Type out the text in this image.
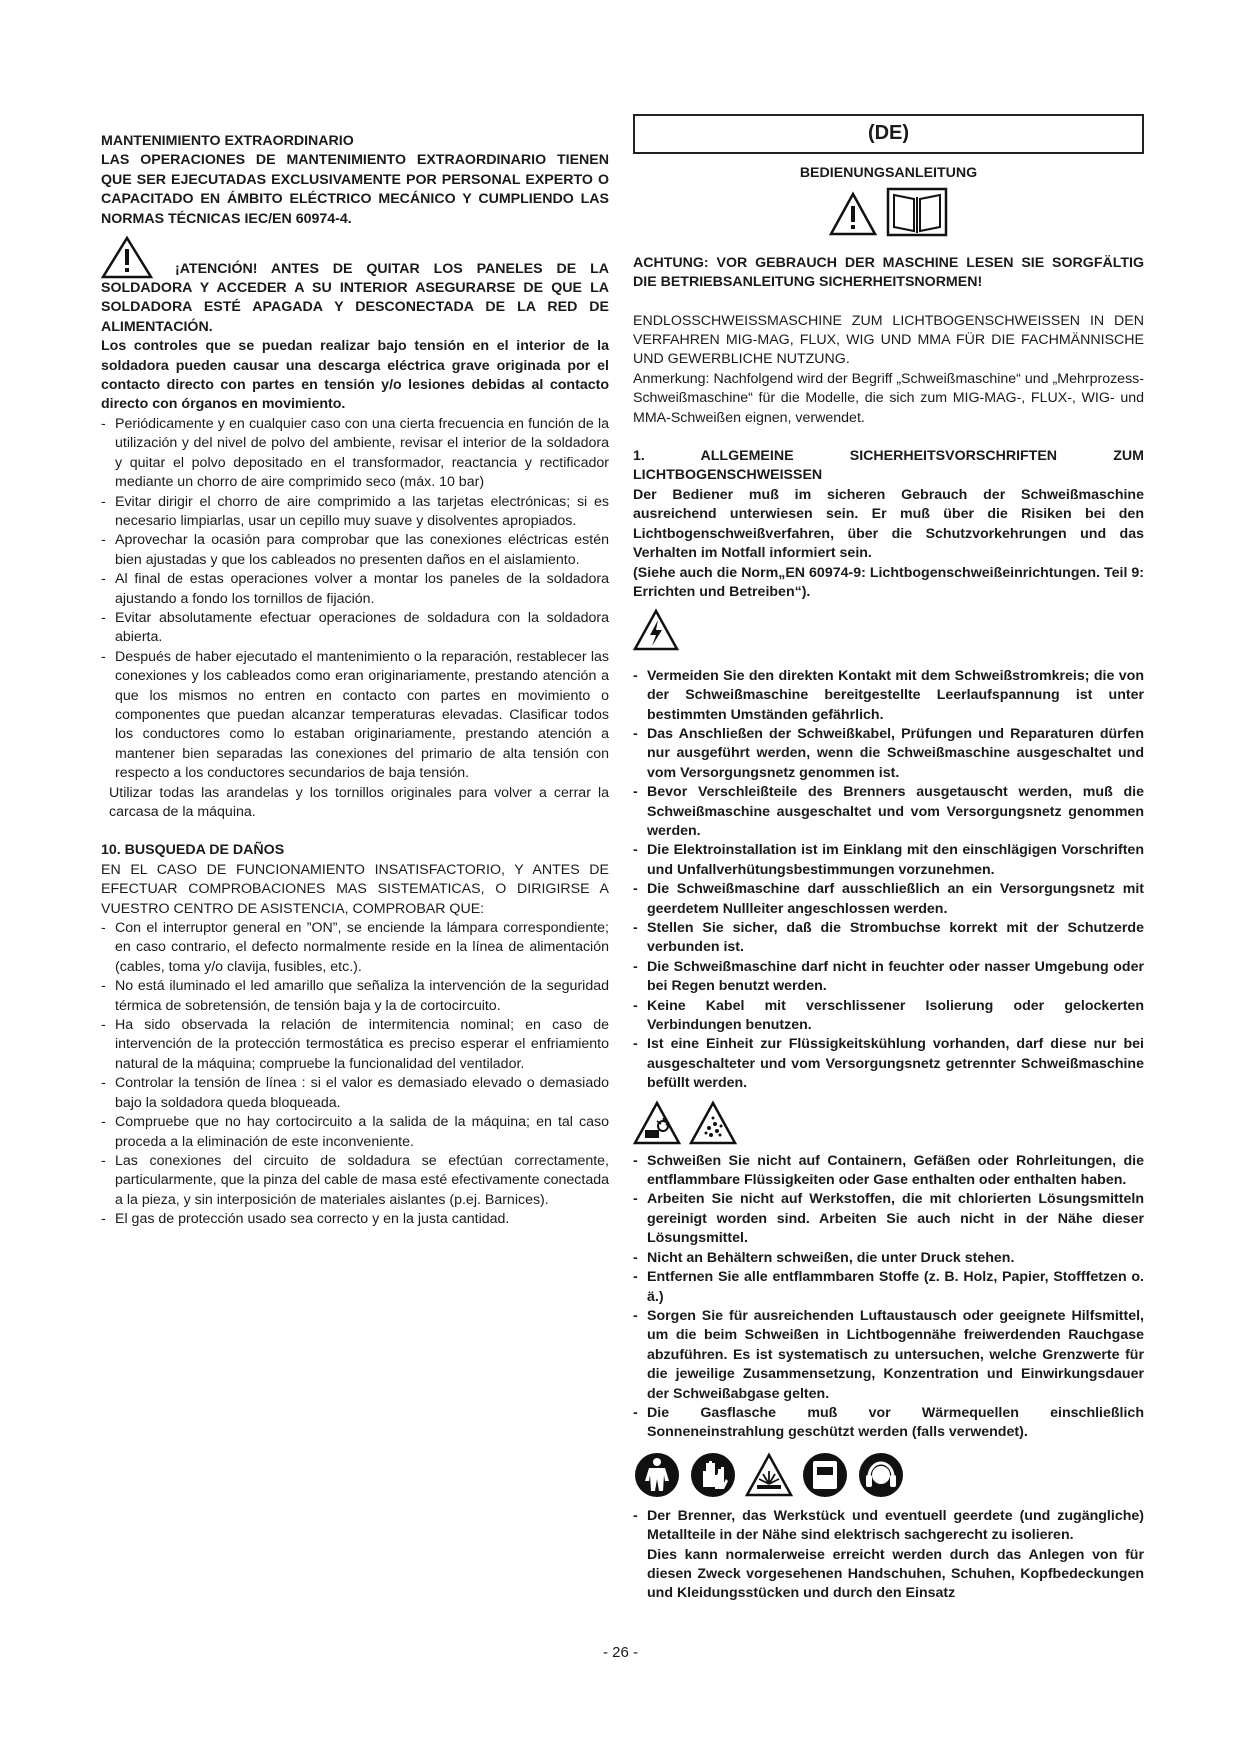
MANTENIMIENTO EXTRAORDINARIO

LAS OPERACIONES DE MANTENIMIENTO EXTRAORDINARIO TIENEN QUE SER EJECUTADAS EXCLUSIVAMENTE POR PERSONAL EXPERTO O CAPACITADO EN ÁMBITO ELÉCTRICO MECÁNICO Y CUMPLIENDO LAS NORMAS TÉCNICAS IEC/EN 60974-4.

¡ATENCIÓN! ANTES DE QUITAR LOS PANELES DE LA

SOLDADORA Y ACCEDER A SU INTERIOR ASEGURARSE DE QUE LA SOLDADORA ESTÉ APAGADA Y DESCONECTADA DE LA RED DE ALIMENTACIÓN.

Los controles que se puedan realizar bajo tensión en el interior de la soldadora pueden causar una descarga eléctrica grave originada por el contacto directo con partes en tensión y/o lesiones debidas al contacto directo con órganos en movimiento.

- Periódicamente y en cualquier caso con una cierta frecuencia en función de la utilización y del nivel de polvo del ambiente, revisar el interior de la soldadora y quitar el polvo depositado en el transformador, reactancia y rectificador mediante un chorro de aire comprimido seco (máx. 10 bar)
- Evitar dirigir el chorro de aire comprimido a las tarjetas electrónicas; si es necesario limpiarlas, usar un cepillo muy suave y disolventes apropiados.
- Aprovechar la ocasión para comprobar que las conexiones eléctricas estén bien ajustadas y que los cableados no presenten daños en el aislamiento.
- Al final de estas operaciones volver a montar los paneles de la soldadora ajustando a fondo los tornillos de fijación.
- Evitar absolutamente efectuar operaciones de soldadura con la soldadora abierta.
- Después de haber ejecutado el mantenimiento o la reparación, restablecer las conexiones y los cableados como eran originariamente, prestando atención a que los mismos no entren en contacto con partes en movimiento o componentes que puedan alcanzar temperaturas elevadas. Clasificar todos los conductores como lo estaban originariamente, prestando atención a mantener bien separadas las conexiones del primario de alta tensión con respecto a los conductores secundarios de baja tensión.

Utilizar todas las arandelas y los tornillos originales para volver a cerrar la carcasa de la máquina.

10. BUSQUEDA DE DAÑOS

EN EL CASO DE FUNCIONAMIENTO INSATISFACTORIO, Y ANTES DE EFECTUAR COMPROBACIONES MAS SISTEMATICAS, O DIRIGIRSE A VUESTRO CENTRO DE ASISTENCIA, COMPROBAR QUE:

- Con el interruptor general en ”ON”, se enciende la lámpara correspondiente; en caso contrario, el defecto normalmente reside en la línea de alimentación (cables, toma y/o clavija, fusibles, etc.).
- No está iluminado el led amarillo que señaliza la intervención de la seguridad térmica de sobretensión, de tensión baja y la de cortocircuito.
- Ha sido observada la relación de intermitencia nominal; en caso de intervención de la protección termostática es preciso esperar el enfriamiento natural de la máquina; compruebe la funcionalidad del ventilador.
- Controlar la tensión de línea : si el valor es demasiado elevado o demasiado bajo la soldadora queda bloqueada.
- Compruebe que no hay cortocircuito a la salida de la máquina; en tal caso proceda a la eliminación de este inconveniente.
- Las conexiones del circuito de soldadura se efectúan correctamente, particularmente, que la pinza del cable de masa esté efectivamente conectada a la pieza, y sin interposición de materiales aislantes (p.ej. Barnices).
- El gas de protección usado sea correcto y en la justa cantidad.
(DE)

BEDIENUNGSANLEITUNG

ACHTUNG: VOR GEBRAUCH DER MASCHINE LESEN SIE SORGFÄLTIG DIE BETRIEBSANLEITUNG SICHERHEITSNORMEN!

ENDLOSSCHWEISSMASCHINE ZUM LICHTBOGENSCHWEISSEN IN DEN VERFAHREN MIG-MAG, FLUX, WIG UND MMA FÜR DIE FACHMÄNNISCHE UND GEWERBLICHE NUTZUNG.

Anmerkung: Nachfolgend wird der Begriff „Schweißmaschine“ und „Mehrprozess-Schweißmaschine“ für die Modelle, die sich zum MIG-MAG-, FLUX-, WIG- und MMA-Schweißen eignen, verwendet.

1. ALLGEMEINE SICHERHEITSVORSCHRIFTEN ZUM LICHTBOGENSCHWEISSEN

Der Bediener muß im sicheren Gebrauch der Schweißmaschine ausreichend unterwiesen sein. Er muß über die Risiken bei den Lichtbogenschweißverfahren, über die Schutzvorkehrungen und das Verhalten im Notfall informiert sein.

(Siehe auch die Norm„EN 60974-9: Lichtbogenschweißeinrichtungen. Teil 9: Errichten und Betreiben“).

- Vermeiden Sie den direkten Kontakt mit dem Schweißstromkreis; die von der Schweißmaschine bereitgestellte Leerlaufspannung ist unter bestimmten Umständen gefährlich.
- Das Anschließen der Schweißkabel, Prüfungen und Reparaturen dürfen nur ausgeführt werden, wenn die Schweißmaschine ausgeschaltet und vom Versorgungsnetz genommen ist.
- Bevor Verschleißteile des Brenners ausgetauscht werden, muß die Schweißmaschine ausgeschaltet und vom Versorgungsnetz genommen werden.
- Die Elektroinstallation ist im Einklang mit den einschlägigen Vorschriften und Unfallverhütungsbestimmungen vorzunehmen.
- Die Schweißmaschine darf ausschließlich an ein Versorgungsnetz mit geerdetem Nullleiter angeschlossen werden.
- Stellen Sie sicher, daß die Strombuchse korrekt mit der Schutzerde verbunden ist.
- Die Schweißmaschine darf nicht in feuchter oder nasser Umgebung oder bei Regen benutzt werden.
- Keine Kabel mit verschlissener Isolierung oder gelockerten Verbindungen benutzen.
- Ist eine Einheit zur Flüssigkeitskühlung vorhanden, darf diese nur bei ausgeschalteter und vom Versorgungsnetz getrennter Schweißmaschine befüllt werden.
- Schweißen Sie nicht auf Containern, Gefäßen oder Rohrleitungen, die entflammbare Flüssigkeiten oder Gase enthalten oder enthalten haben.
- Arbeiten Sie nicht auf Werkstoffen, die mit chlorierten Lösungsmitteln gereinigt worden sind. Arbeiten Sie auch nicht in der Nähe dieser Lösungsmittel.
- Nicht an Behältern schweißen, die unter Druck stehen.
- Entfernen Sie alle entflammbaren Stoffe (z. B. Holz, Papier, Stofffetzen o. ä.)
- Sorgen Sie für ausreichenden Luftaustausch oder geeignete Hilfsmittel, um die beim Schweißen in Lichtbogennähe freiwerdenden Rauchgase abzuführen. Es ist systematisch zu untersuchen, welche Grenzwerte für die jeweilige Zusammensetzung, Konzentration und Einwirkungsdauer der Schweißabgase gelten.
- Die Gasflasche muß vor Wärmequellen einschließlich Sonneneinstrahlung geschützt werden (falls verwendet).
- Der Brenner, das Werkstück und eventuell geerdete (und zugängliche) Metallteile in der Nähe sind elektrisch sachgerecht zu isolieren.

Dies kann normalerweise erreicht werden durch das Anlegen von für diesen Zweck vorgesehenen Handschuhen, Schuhen, Kopfbedeckungen und Kleidungsstücken und durch den Einsatz

- 26 -
